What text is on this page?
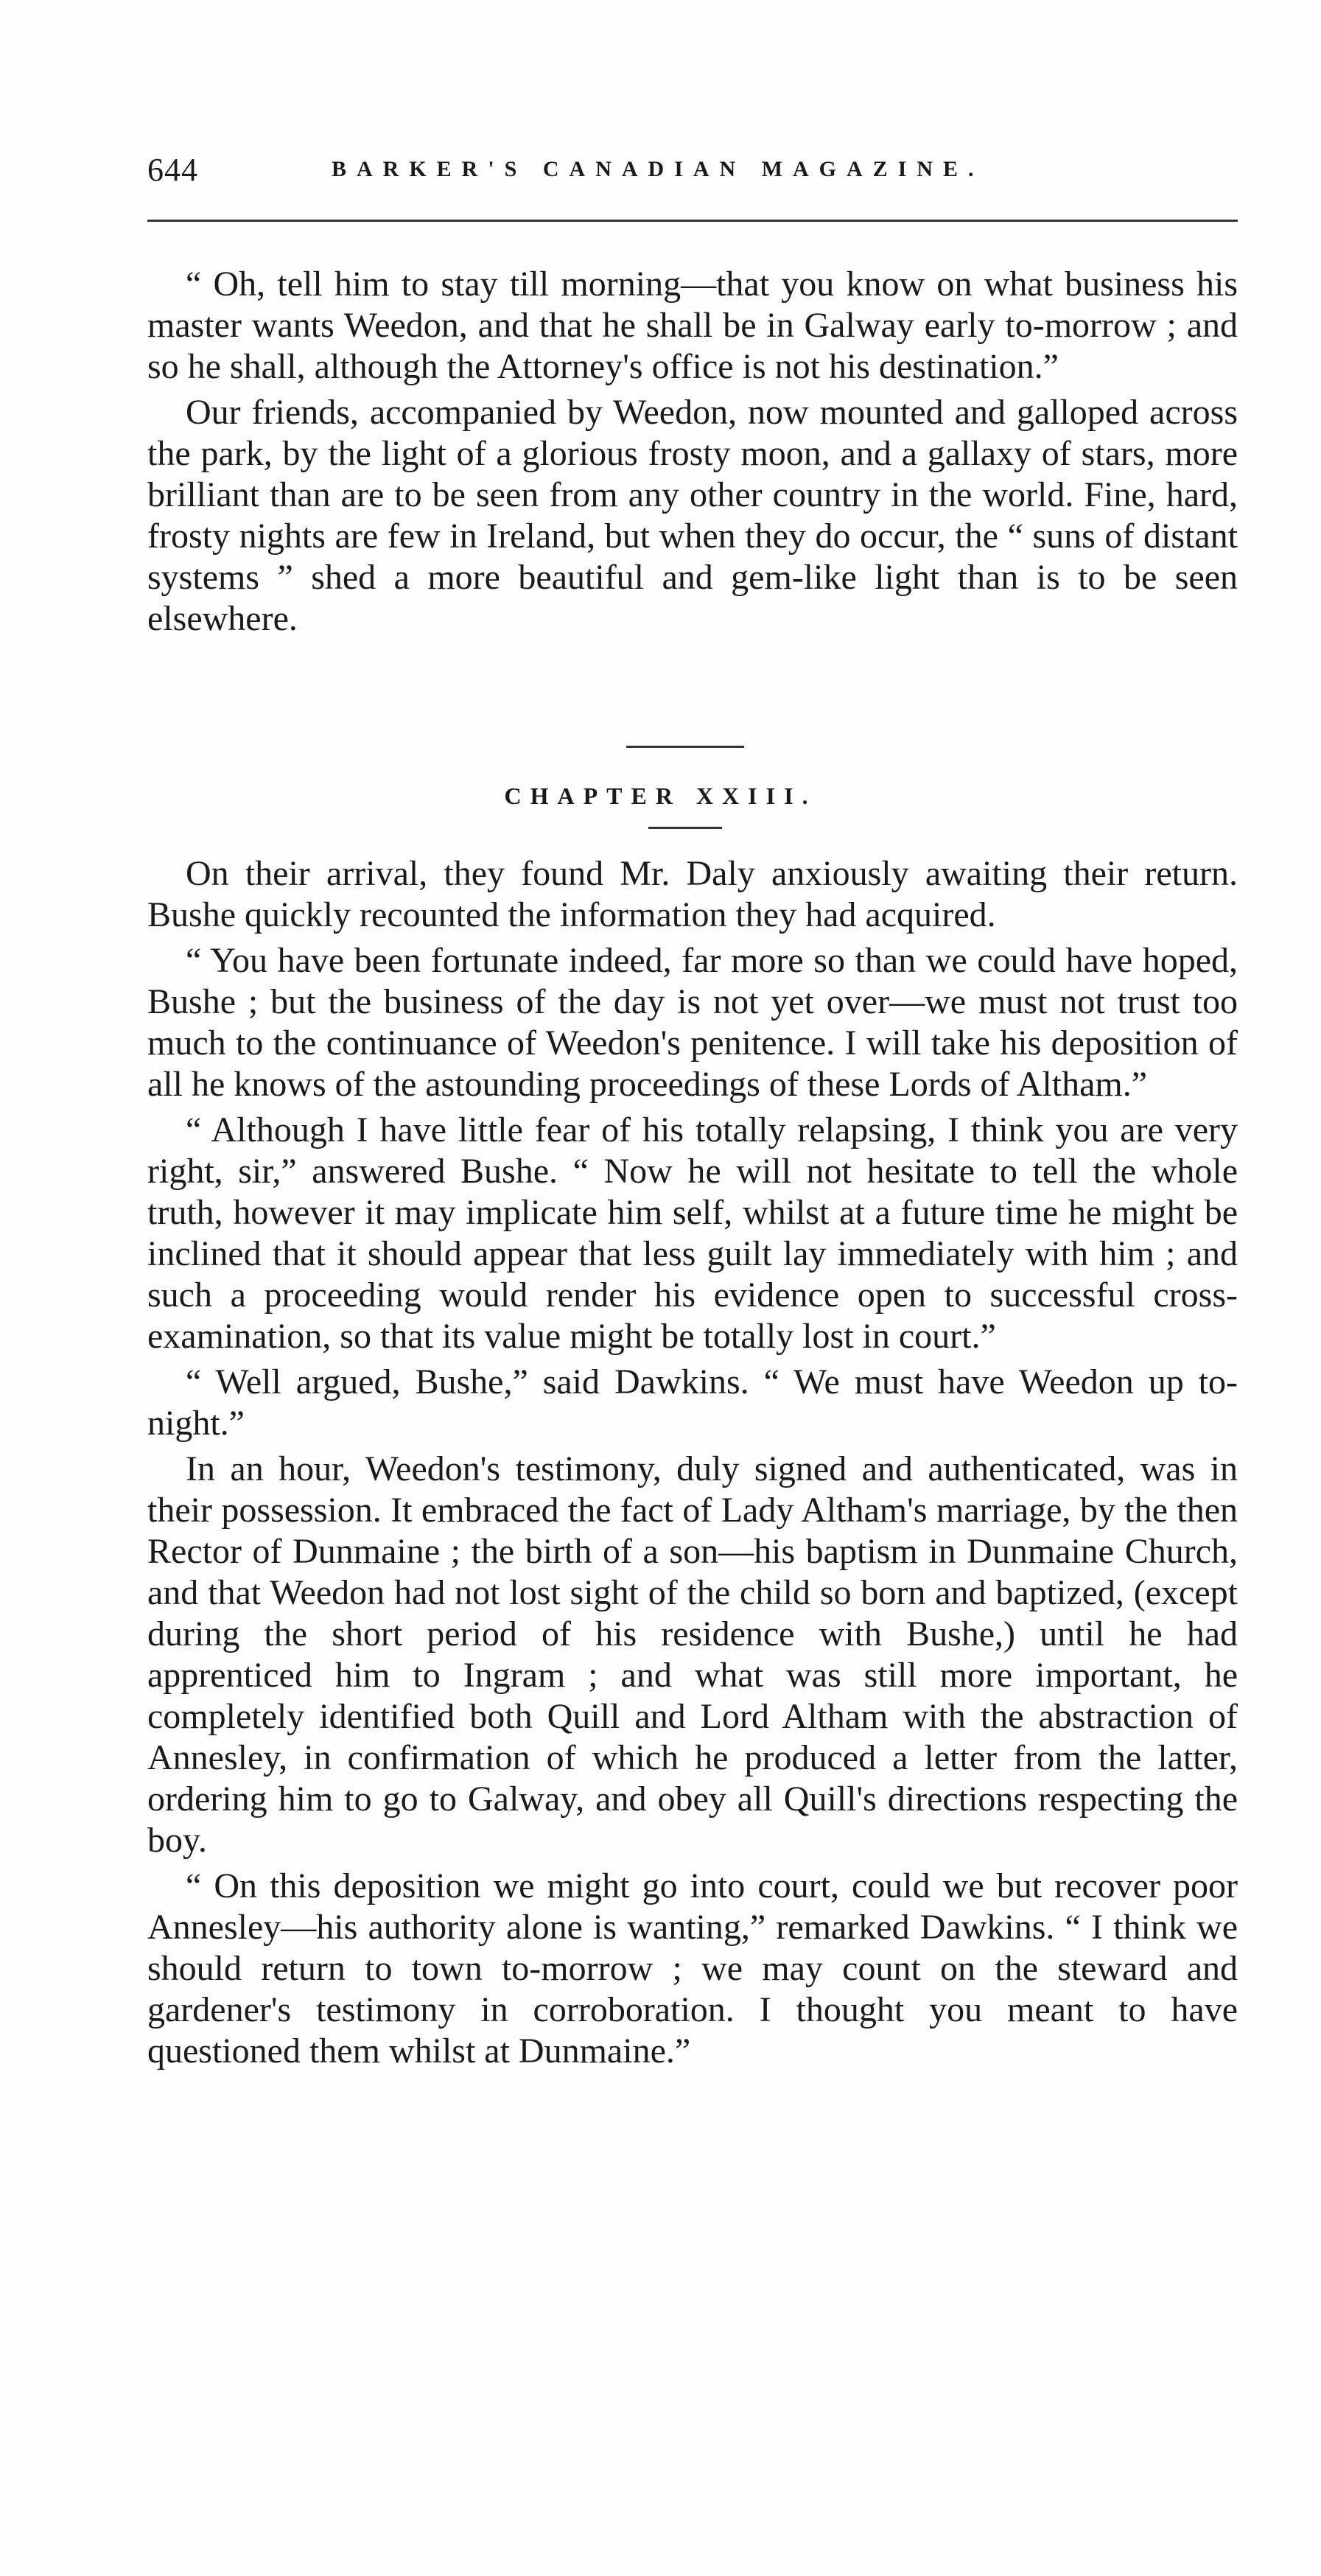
644	BARKER'S CANADIAN MAGAZINE.

“ Oh, tell him to stay till morning—that you know on what business his master wants Weedon, and that he shall be in Galway early to-morrow ; and so he shall, although the Attorney's office is not his destination.”

Our friends, accompanied by Weedon, now mounted and galloped across the park, by the light of a glorious frosty moon, and a gallaxy of stars, more brilliant than are to be seen from any other country in the world. Fine, hard, frosty nights are few in Ireland, but when they do occur, the “ suns of distant systems ” shed a more beautiful and gem-like light than is to be seen elsewhere.

CHAPTER XXIII.

On their arrival, they found Mr. Daly anxiously awaiting their return. Bushe quickly recounted the information they had acquired.

“ You have been fortunate indeed, far more so than we could have hoped, Bushe ; but the business of the day is not yet over—we must not trust too much to the continuance of Weedon's penitence. I will take his deposition of all he knows of the astounding proceedings of these Lords of Altham.”

“ Although I have little fear of his totally relapsing, I think you are very right, sir,” answered Bushe. “ Now he will not hesitate to tell the whole truth, however it may implicate him self, whilst at a future time he might be inclined that it should appear that less guilt lay immediately with him ; and such a proceeding would render his evidence open to successful cross-examination, so that its value might be totally lost in court.”

“ Well argued, Bushe,” said Dawkins. “ We must have Weedon up to-night.”

In an hour, Weedon's testimony, duly signed and authenticated, was in their possession. It embraced the fact of Lady Altham's marriage, by the then Rector of Dunmaine ; the birth of a son—his baptism in Dunmaine Church, and that Weedon had not lost sight of the child so born and baptized, (except during the short period of his residence with Bushe,) until he had apprenticed him to Ingram ; and what was still more important, he completely identified both Quill and Lord Altham with the abstraction of Annesley, in confirmation of which he produced a letter from the latter, ordering him to go to Galway, and obey all Quill's directions respecting the boy.

“ On this deposition we might go into court, could we but recover poor Annesley—his authority alone is wanting,” remarked Dawkins. “ I think we should return to town to-morrow ; we may count on the steward and gardener's testimony in corroboration. I thought you meant to have questioned them whilst at Dunmaine.”
